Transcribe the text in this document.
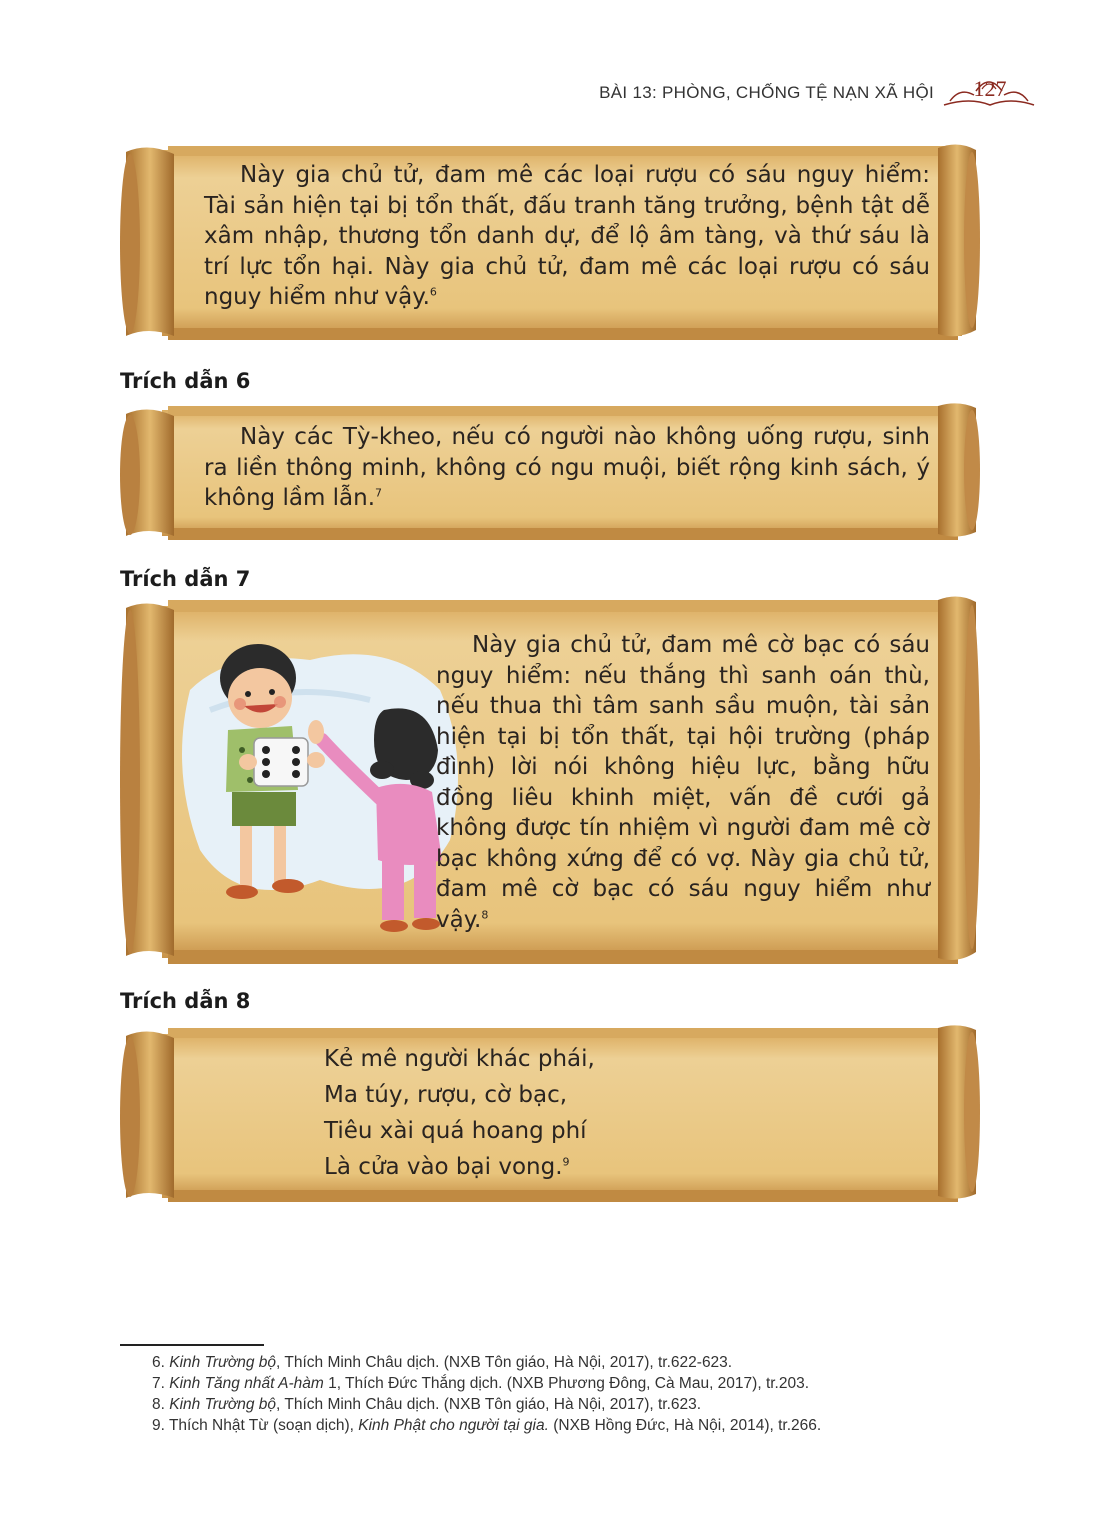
BÀI 13: PHÒNG, CHỐNG TỆ NẠN XÃ HỘI 127
Này gia chủ tử, đam mê các loại rượu có sáu nguy hiểm: Tài sản hiện tại bị tổn thất, đấu tranh tăng trưởng, bệnh tật dễ xâm nhập, thương tổn danh dự, để lộ âm tàng, và thứ sáu là trí lực tổn hại. Này gia chủ tử, đam mê các loại rượu có sáu nguy hiểm như vậy.$^6$
Trích dẫn 6
Này các Tỳ-kheo, nếu có người nào không uống rượu, sinh ra liền thông minh, không có ngu muội, biết rộng kinh sách, ý không lầm lẫn.$^7$
Trích dẫn 7
Này gia chủ tử, đam mê cờ bạc có sáu nguy hiểm: nếu thắng thì sanh oán thù, nếu thua thì tâm sanh sầu muộn, tài sản hiện tại bị tổn thất, tại hội trường (pháp đình) lời nói không hiệu lực, bằng hữu đồng liêu khinh miệt, vấn đề cưới gả không được tín nhiệm vì người đam mê cờ bạc không xứng để có vợ. Này gia chủ tử, đam mê cờ bạc có sáu nguy hiểm như vậy.$^8$
Trích dẫn 8
Kẻ mê người khác phái,
Ma túy, rượu, cờ bạc,
Tiêu xài quá hoang phí
Là cửa vào bại vong.$^9$
6. Kinh Trường bộ, Thích Minh Châu dịch. (NXB Tôn giáo, Hà Nội, 2017), tr.622-623.
7. Kinh Tăng nhất A-hàm 1, Thích Đức Thắng dịch. (NXB Phương Đông, Cà Mau, 2017), tr.203.
8. Kinh Trường bộ, Thích Minh Châu dịch. (NXB Tôn giáo, Hà Nội, 2017), tr.623.
9. Thích Nhật Từ (soạn dịch), Kinh Phật cho người tại gia. (NXB Hồng Đức, Hà Nội, 2014), tr.266.
